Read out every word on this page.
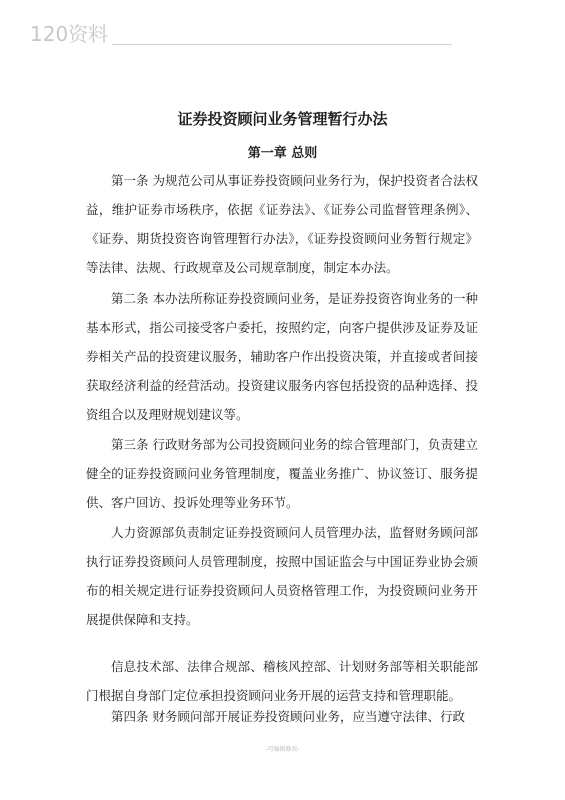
120资料
证券投资顾问业务管理暂行办法
第一章 总则

第一条 为规范公司从事证券投资顾问业务行为，保护投资者合法权益，维护证券市场秩序，依据《证券法》、《证券公司监督管理条例》、《证券、期货投资咨询管理暂行办法》，《证券投资顾问业务暂行规定》等法律、法规、行政规章及公司规章制度，制定本办法。

第二条 本办法所称证券投资顾问业务，是证券投资咨询业务的一种基本形式，指公司接受客户委托，按照约定，向客户提供涉及证券及证券相关产品的投资建议服务，辅助客户作出投资决策，并直接或者间接获取经济利益的经营活动。投资建议服务内容包括投资的品种选择、投资组合以及理财规划建议等。

第三条 行政财务部为公司投资顾问业务的综合管理部门，负责建立健全的证券投资顾问业务管理制度，覆盖业务推广、协议签订、服务提供、客户回访、投诉处理等业务环节。

人力资源部负责制定证券投资顾问人员管理办法，监督财务顾问部执行证券投资顾问人员管理制度，按照中国证监会与中国证券业协会颁布的相关规定进行证券投资顾问人员资格管理工作，为投资顾问业务开展提供保障和支持。

信息技术部、法律合规部、稽核风控部、计划财务部等相关职能部门根据自身部门定位承担投资顾问业务开展的运营支持和管理职能。

第四条 财务顾问部开展证券投资顾问业务，应当遵守法律、行政

-可编辑修改-
